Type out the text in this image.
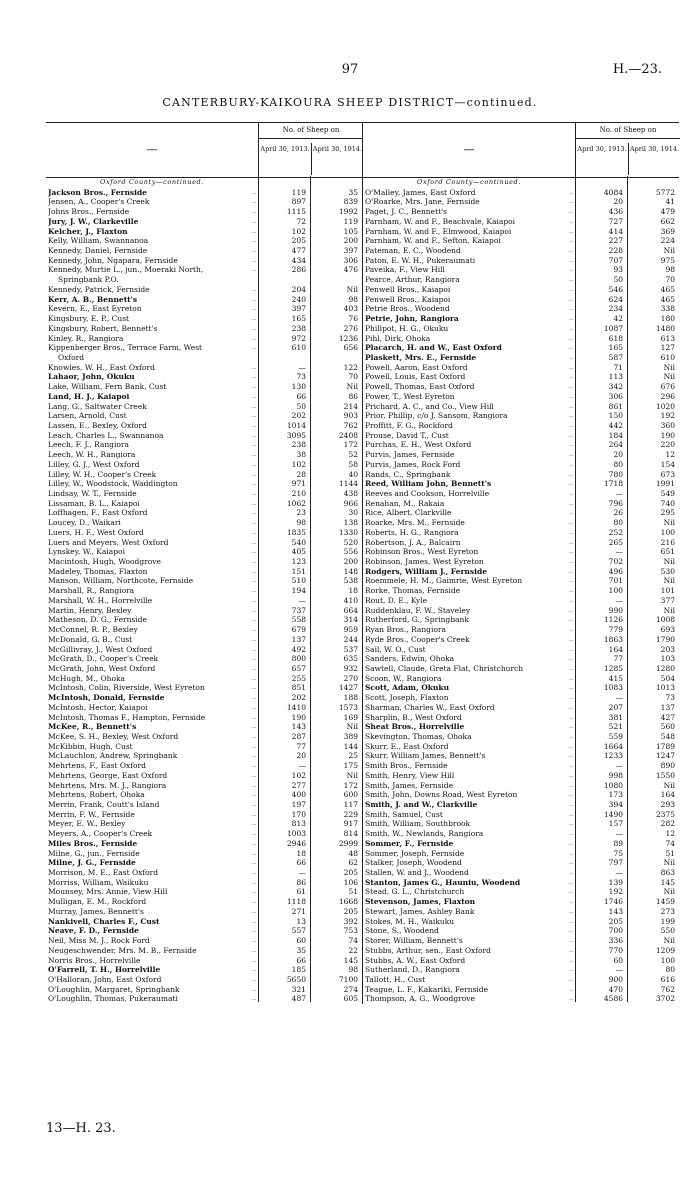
97	H.—23.
CANTERBURY-KAIKOURA SHEEP DISTRICT—continued.
—
No. of Sheep on
April 30, 1913. April 30, 1914.
Oxford County—continued.
Jackson Bros., Fernside	..	119	35
Jensen, A., Cooper's Creek	..	897	839
Johns Bros., Fernside	..	1115	1992
Jury, J. W., Clarkeville	..	72	119
Kelcher, J., Flaxton	..	102	105
Kelly, William, Swannanoa	..	205	200
Kennedy, Daniel, Fernside	..	477	397
Kennedy, John, Ngapara, Fernside	..	434	306
Kennedy, Murtie L., jun., Moeraki North,	..	286	476
Springbank P.O.
Kennedy, Patrick, Fernside	..	204	Nil
Kerr, A. B., Bennett's	..	240	98
Kevern, E., East Eyreton	..	397	403
Kingsbury, E. P., Cust	..	165	76
Kingsbury, Robert, Bennett's	..	238	276
Kinley, R., Rangiora	..	972	1236
Kippenberger Bros., Terrace Farm, West	..	610	656
Oxford
Knowles, W. H., East Oxford	..	—	122
Lahaor, John, Okuku	..	73	70
Lake, William, Fern Bank, Cust	..	130	Nil
Land, H. J., Kaiapoi	..	66	86
Lang, G., Saltwater Creek	..	50	214
Larsen, Arnold, Cust	..	202	903
Lassen, E., Bexley, Oxford	..	1014	762
Leach, Charles L., Swannanoa	..	3095	2408
Leech, F. J., Rangiora	..	238	172
Leech, W. H., Rangiora	..	38	52
Lilley, G. J., West Oxford	..	102	58
Lilley, W. H., Cooper's Creek	..	28	40
Lilley, W., Woodstock, Waddington	..	971	1144
Lindsay, W. T., Fernside	..	210	438
Lissaman, B. L., Kaiapoi	..	1062	966
Loffhagen, F., East Oxford	..	23	30
Loucey, D., Waikari	..	98	138
Luers, H. F., West Oxford	..	1835	1330
Luers and Meyers, West Oxford	..	540	520
Lynskey, W., Kaiapoi	..	405	556
Macintosh, Hugh, Woodgrove	..	123	200
Madeley, Thomas, Flaxton	..	151	148
Manson, William, Northcote, Fernside	..	510	538
Marshall, R., Rangiora	..	194	18
Marshall, W. H., Horrelville	..	—	410
Martin, Henry, Bexley	..	737	664
Matheson, D. G., Fernside	..	558	314
McConnel, R. P., Bexley	..	679	959
McDonald, G. B., Cust	..	137	244
McGillivray, J., West Oxford	..	492	537
McGrath, D., Cooper's Creek	..	800	635
McGrath, John, West Oxford	..	657	932
McHugh, M., Ohoka	..	255	270
McIntosh, Colin, Riverside, West Eyreton	..	851	1427
McIntosh, Donald, Fernside	..	202	188
McIntosh, Hector, Kaiapoi	..	1410	1573
McIntosh, Thomas F., Hampton, Fernside	..	190	169
McKee, R., Bennett's	..	143	Nil
McKee, S. H., Bexley, West Oxford	..	287	389
McKibbin, Hugh, Cust	..	77	144
McLauchlon, Andrew, Springbank	..	20	25
Mehrtens, F., East Oxford	..	—	175
Mehrtens, George, East Oxford	..	102	Nil
Mehrtens, Mrs. M. J., Rangiora	..	277	172
Mehrtens, Robert, Ohoka	..	400	600
Merrin, Frank, Coutt's Island	..	197	117
Merrin, F. W., Fernside	..	170	229
Meyer, E. W., Bexley	..	813	917
Meyers, A., Cooper's Creek	..	1003	814
Miles Bros., Fernside	..	2946	2999
Milne, G., jun., Fernside	..	18	48
Milne, J. G., Fernside	..	66	62
Morrison, M. E., East Oxford	..	—	205
Morriss, William, Waikuku	..	86	106
Mounsey, Mrs. Annie, View Hill	..	61	51
Mulligan, E. M., Rockford	..	1118	1668
Murray, James, Bennett's	..	271	205
Nankivell, Charles F., Cust	..	13	392
Neave, F. D., Fernside	..	557	753
Neil, Miss M. J., Rock Ford	..	60	74
Neugeschwender, Mrs. M. B., Fernside	..	35	22
Norris Bros., Horrelville	..	66	145
O'Farrell, T. H., Horrelville	..	185	98
O'Halloran, John, East Oxford	..	5650	7100
O'Loughlin, Margaret, Springbank	..	321	274
O'Loughlin, Thomas, Pukeraumati	..	487	605
—
No. of Sheep on
April 30, 1913. April 30, 1914.
Oxford County—continued.
O'Malley, James, East Oxford	..	4084	5772
O'Roarke, Mrs. Jane, Fernside	..	20	41
Paget, J. C., Bennett's	..	436	479
Parnham, W. and F., Beachvale, Kaiapoi	..	727	662
Parnham, W. and F., Elmwood, Kaiapoi	..	414	369
Parnham, W. and F., Sefton, Kaiapoi	..	227	224
Pateman, E. C., Woodend	..	228	Nil
Paton, E. W. H., Pukeraumati	..	707	975
Paveika, F., View Hill	..	93	98
Pearce, Arthur, Rangiora	..	50	70
Penwell Bros., Kaiapoi	..	546	465
Penwell Bros., Kaiapoi	..	624	465
Petrie Bros., Woodend	..	234	338
Petrie, John, Rangiora	..	42	180
Phillpot, H. G., Okuku	..	1087	1480
Pihl, Dirk, Ohoka	..	618	613
Placarch, H. and W., East Oxford	..	165	127
Plaskett, Mrs. E., Fernside	..	587	610
Powell, Aaron, East Oxford	..	71	Nil
Powell, Louis, East Oxford	..	113	Nil
Powell, Thomas, East Oxford	..	342	676
Power, T., West Eyreton	..	306	296
Prichard, A. C., and Co., View Hill	..	861	1020
Prior, Phillip, c/o J. Sansom, Rangiora	..	150	192
Proffitt, F. G., Rockford	..	442	360
Prouse, David T., Cust	..	184	190
Purchas, E. H., West Oxford	..	264	220
Purvis, James, Fernside	..	20	12
Purvis, James, Rock Ford	..	80	154
Rands, C., Springbank	..	780	673
Reed, William John, Bennett's	..	1718	1991
Reeves and Cookson, Horrelville	..	—	549
Renahan, M., Rakaia	..	796	740
Rice, Albert, Clarkville	..	26	295
Roarke, Mrs. M., Fernside	..	80	Nil
Roberts, H. G., Rangiora	..	252	100
Robertson, J. A., Balcairn	..	265	216
Robinson Bros., West Eyreton	..	—	651
Robinson, James, West Eyreton	..	702	Nil
Rodgers, William J., Fernside	..	496	530
Roemmele, H. M., Gaimrie, West Eyreton	..	701	Nil
Rorke, Thomas, Fernside	..	100	101
Rout, D. E., Kyle	..	—	377
Ruddenklau, F. W., Staveley	..	990	Nil
Rutherford, G., Springbank	..	1126	1008
Ryan Bros., Rangiora	..	779	693
Ryde Bros., Cooper's Creek	..	1863	1790
Sail, W. O., Cust	..	164	203
Sanders, Edwin, Ohoka	..	77	103
Sawtell, Claude, Greta Flat, Christchurch	..	1285	1280
Scoon, W., Rangiora	..	415	504
Scott, Adam, Okuku	..	1083	1013
Scott, Joseph, Flaxton	..	—	73
Sharman, Charles W., East Oxford	..	207	137
Sharplin, B., West Oxford	..	381	427
Sheat Bros., Horrelville	..	521	560
Skevington, Thomas, Ohoka	..	559	548
Skurr, E., East Oxford	..	1664	1789
Skurr, William James, Bennett's	..	1233	1247
Smith Bros., Fernside	..	—	890
Smith, Henry, View Hill	..	998	1550
Smith, James, Fernside	..	1080	Nil
Smith, John, Downs Road, West Eyreton	..	173	164
Smith, J. and W., Clarkville	..	394	293
Smith, Samuel, Cust	..	1490	2375
Smith, William, Southbrook	..	157	282
Smith, W., Newlands, Rangiora	..	—	12
Sommer, F., Fernside	..	89	74
Sommer, Joseph, Fernside	..	75	51
Stalker, Joseph, Woodend	..	797	Nil
Stallen, W. and J., Woodend	..	—	863
Stanton, James G., Hauniu, Woodend	..	139	145
Stead, G. L., Christchurch	..	192	Nil
Stevenson, James, Flaxton	..	1746	1459
Stewart, James, Ashley Bank	..	143	273
Stokes, M. H., Waikuku	..	205	199
Stone, S., Woodend	..	700	550
Storer, William, Bennett's	..	336	Nil
Stubbs, Arthur, sen., East Oxford	..	770	1209
Stubbs, A. W., East Oxford	..	60	100
Sutherland, D., Rangiora	..	—	80
Tallott, H., Cust	..	900	616
Teague, L. F., Kakariki, Fernside	..	470	762
Thompson, A. G., Woodgrove	..	4586	3702
13—H. 23.
